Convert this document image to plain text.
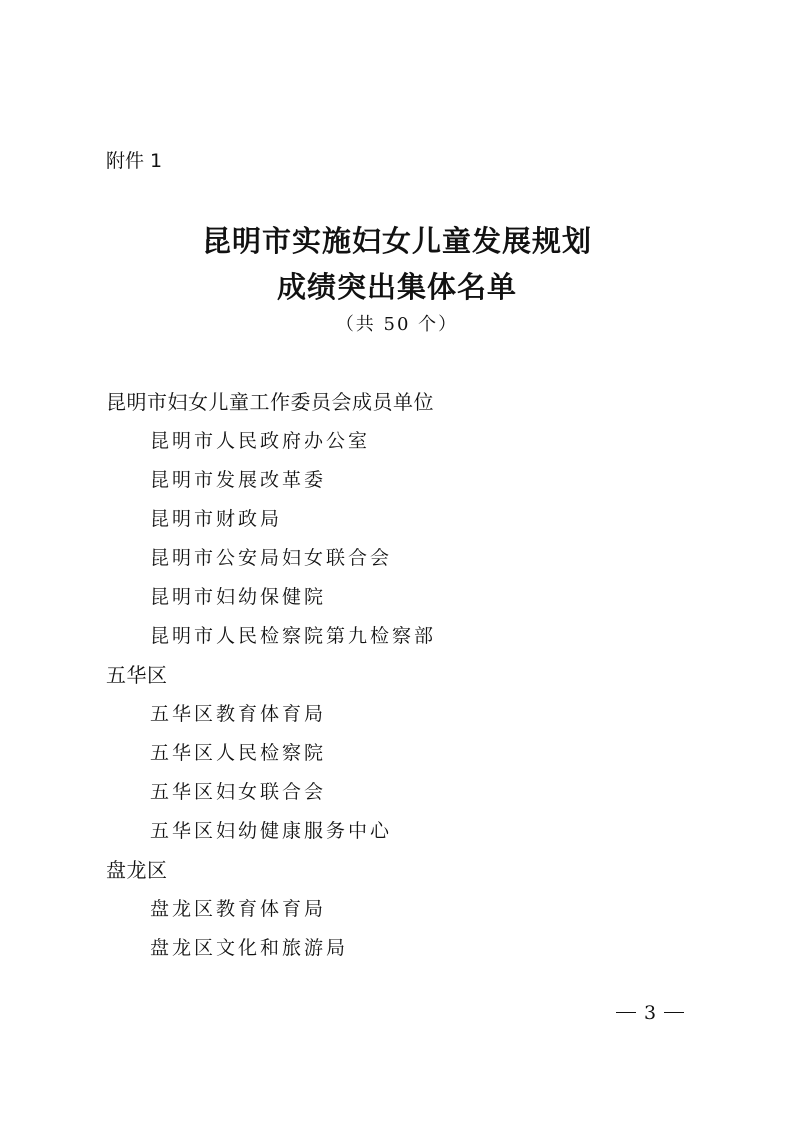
附件 1
昆明市实施妇女儿童发展规划
成绩突出集体名单
（共 50 个）
昆明市妇女儿童工作委员会成员单位
昆明市人民政府办公室
昆明市发展改革委
昆明市财政局
昆明市公安局妇女联合会
昆明市妇幼保健院
昆明市人民检察院第九检察部
五华区
五华区教育体育局
五华区人民检察院
五华区妇女联合会
五华区妇幼健康服务中心
盘龙区
盘龙区教育体育局
盘龙区文化和旅游局
3
